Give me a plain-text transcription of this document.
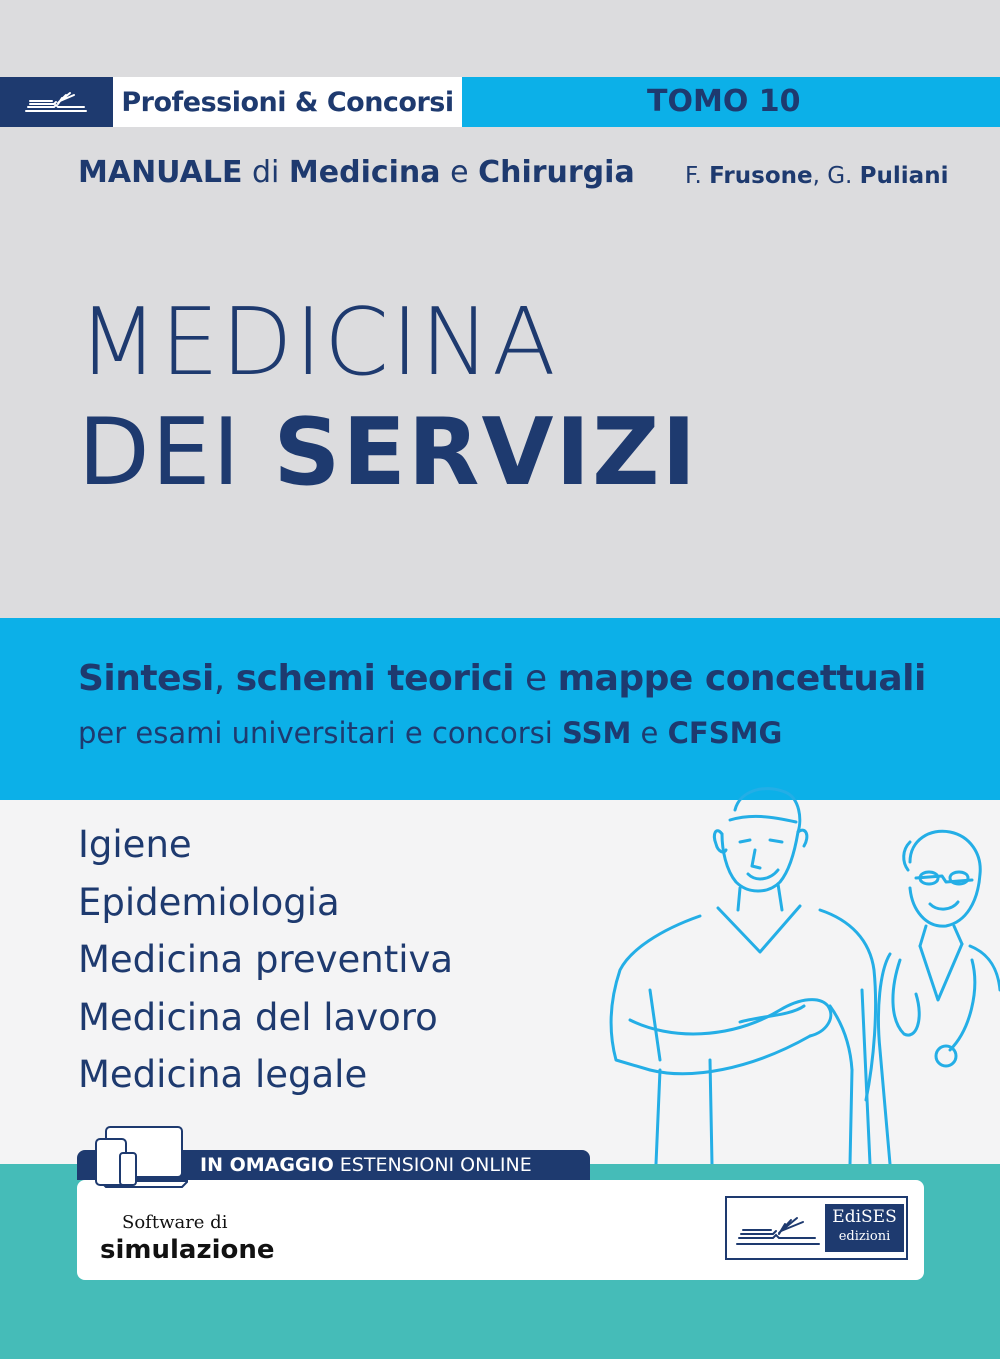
Professioni & Concorsi	TOMO 10
MANUALE di Medicina e Chirurgia F. Frusone, G. Puliani
MEDICINA
DEI SERVIZI
Sintesi, schemi teorici e mappe concettuali
per esami universitari e concorsi SSM e CFSMG
Igiene
Epidemiologia
Medicina preventiva
Medicina del lavoro
Medicina legale
IN OMAGGIO ESTENSIONI ONLINE
Software di
simulazione
EdiSES
edizioni
